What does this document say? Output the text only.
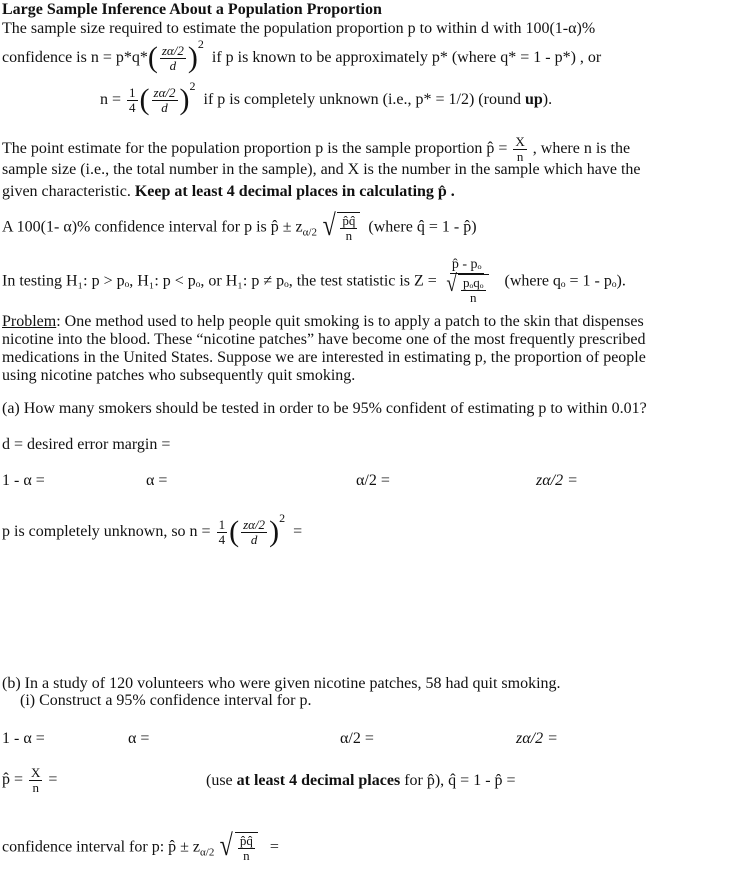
Large Sample Inference About a Population Proportion
The sample size required to estimate the population proportion p to within d with 100(1-α)%
confidence is $n = p*q*( \frac{z\alpha/2}{d} )^2$  if p is known to be approximately p* (where q* = 1 - p*) , or
$n = \frac{1}{4}$ ( $\frac{z\alpha/2}{d} )^2$  if p is completely unknown (i.e., p* = 1/2) (round up).
The point estimate for the population proportion p is the sample proportion p̂ = $\frac{X}{n}$ , where n is the
sample size (i.e., the total number in the sample), and X is the number in the sample which have the
given characteristic. Keep at least 4 decimal places in calculating p̂ .
A 100(1- α)% confidence interval for p is p̂ ± $z_{\alpha/2}$ √ $\frac{p̂q̂}{n}$ (where q̂ = 1 - p̂)
In testing H₁: p > pₒ, H₁: p < pₒ, or H₁: p ≠ pₒ, the test statistic is Z = p̂ - pₒ
√ pₒqₒ
n (where qₒ = 1 - pₒ).
Problem: One method used to help people quit smoking is to apply a patch to the skin that dispenses
nicotine into the blood. These “nicotine patches” have become one of the most frequently prescribed
medications in the United States. Suppose we are interested in estimating p, the proportion of people
using nicotine patches who subsequently quit smoking.
(a) How many smokers should be tested in order to be 95% confident of estimating p to within 0.01?
d = desired error margin =
1 - α =	α =	α/2 =	zα/2 =
p is completely unknown, so $n = \frac{1}{4}$ ( $\frac{z\alpha/2}{d} )^2$  =
(b) In a study of 120 volunteers who were given nicotine patches, 58 had quit smoking.
(i) Construct a 95% confidence interval for p.
1 - α =	α =	α/2 =	zα/2 =
p̂ = $\frac{X}{n}$ =	(use at least 4 decimal places for p̂), q̂ = 1 - p̂ =
confidence interval for p: p̂ ± $z_{\alpha/2}$ √ $\frac{p̂q̂}{n}$ =
